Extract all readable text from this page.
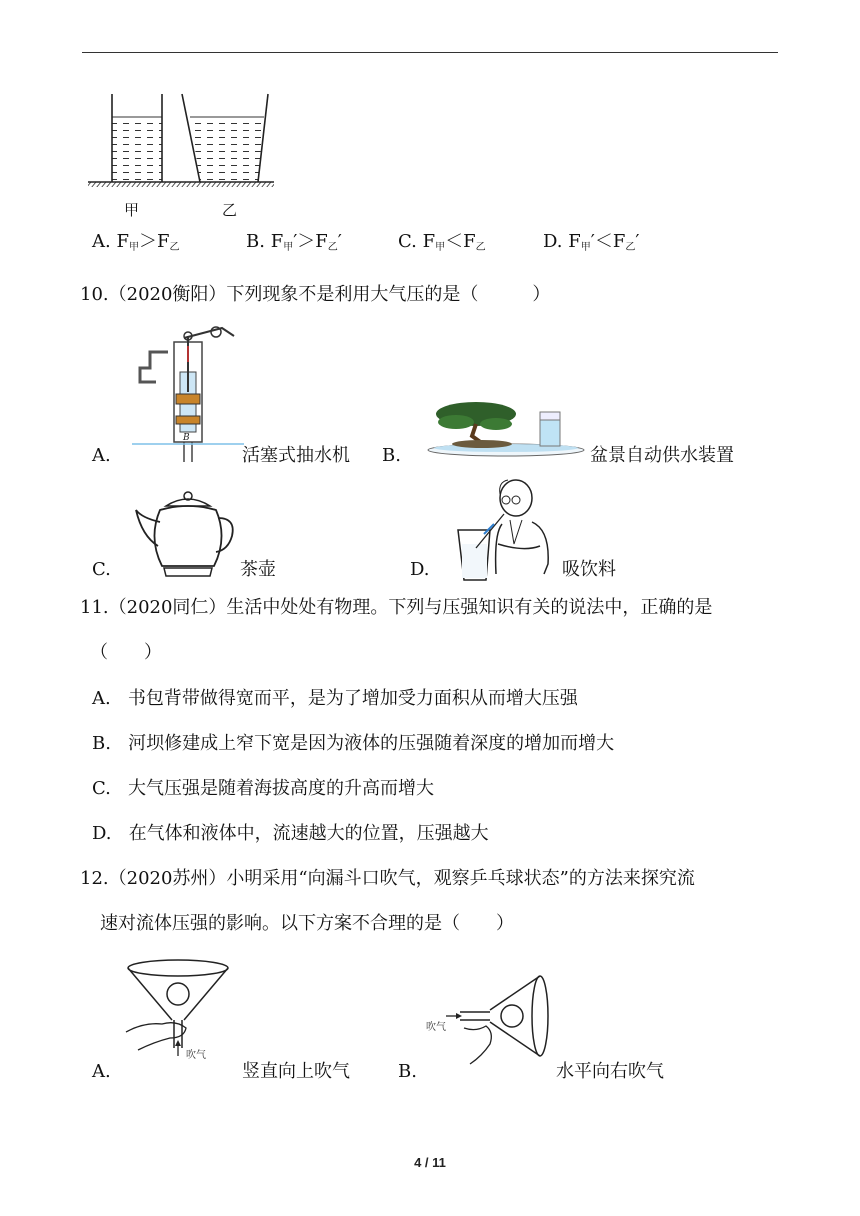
甲	乙
A. $F_甲>F_乙$	B. $F_甲'>F_乙'$	C. $F_甲<F_乙$	D. $F_甲'<F_乙'$
10.（2020衡阳）下列现象不是利用大气压的是（　　　）
B
A.	活塞式抽水机 B.	盆景自动供水装置
C.	茶壶	D.	吸饮料
11.（2020同仁）生活中处处有物理。下列与压强知识有关的说法中，正确的是
（　　）
A. 书包背带做得宽而平，是为了增加受力面积从而增大压强
B. 河坝修建成上窄下宽是因为液体的压强随着深度的增加而增大
C. 大气压强是随着海拔高度的升高而增大
D. 在气体和液体中，流速越大的位置，压强越大
12.（2020苏州）小明采用“向漏斗口吹气，观察乒乓球状态”的方法来探究流
速对流体压强的影响。以下方案不合理的是（　　）
吹气
A.	竖直向上吹气
吹气
B.	水平向右吹气
4 / 11
